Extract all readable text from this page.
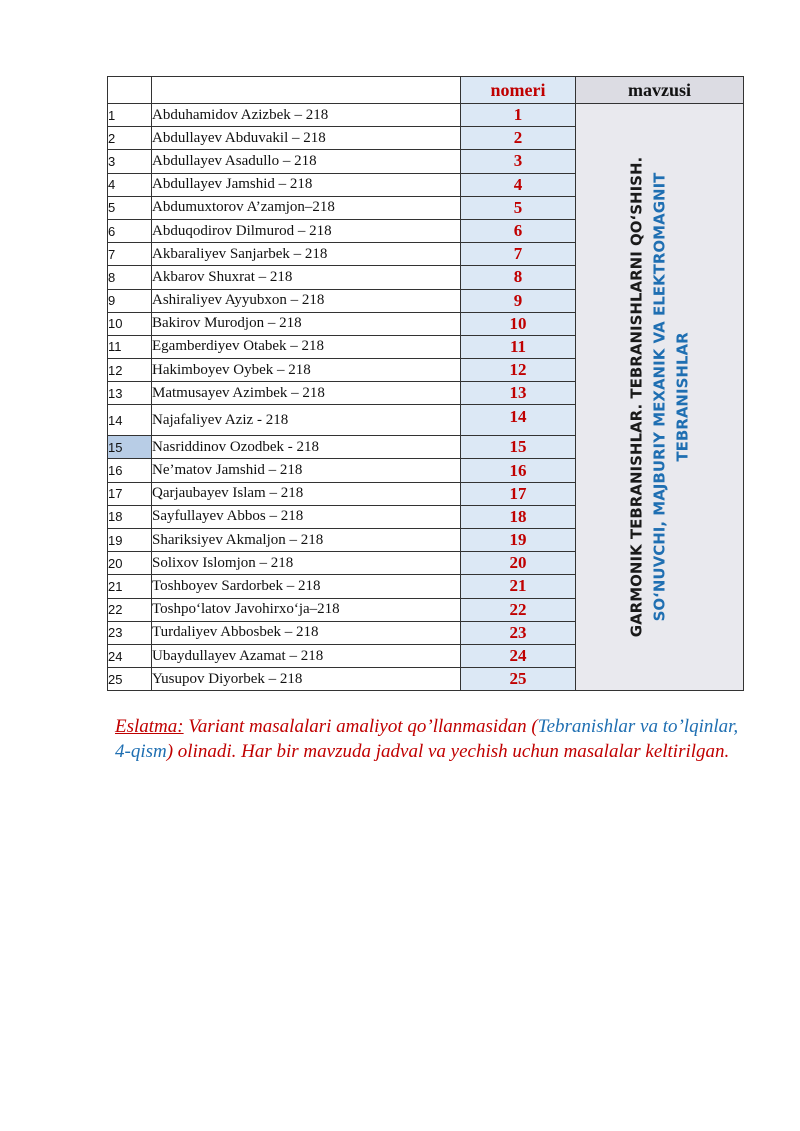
		nomeri	mavzusi
1	Abduhamidov Azizbek – 218	1	GARMONIK TEBRANISHLAR. TEBRANISHLARNI QO‘SHISH. SO‘NUVCHI, MAJBURIY MEXANIK VA ELEKTROMAGNIT TEBRANISHLAR

2	Abdullayev Abduvakil – 218	2	
3	Abdullayev Asadullo – 218	3	
4	Abdullayev Jamshid – 218	4	
5	Abdumuxtorov A’zamjon–218	5	
6	Abduqodirov Dilmurod – 218	6	
7	Akbaraliyev Sanjarbek – 218	7	
8	Akbarov Shuxrat – 218	8	
9	Ashiraliyev Ayyubxon – 218	9	
10	Bakirov Murodjon – 218	10	
11	Egamberdiyev Otabek – 218	11	
12	Hakimboyev Oybek – 218	12	
13	Matmusayev Azimbek – 218	13	
14	Najafaliyev Aziz - 218	14	
15	Nasriddinov Ozodbek - 218	15	
16	Ne’matov Jamshid – 218	16	
17	Qarjaubayev Islam – 218	17	
18	Sayfullayev Abbos – 218	18	
19	Shariksiyev Akmaljon – 218	19	
20	Solixov Islomjon – 218	20	
21	Toshboyev Sardorbek – 218	21	
22	Toshpo‘latov Javohirxo‘ja–218	22	
23	Turdaliyev Abbosbek – 218	23	
24	Ubaydullayev Azamat – 218	24	
25	Yusupov Diyorbek – 218	25	

Eslatma: Variant masalalari amaliyot qo’llanmasidan (Tebranishlar va to’lqinlar, 4-qism) olinadi. Har bir mavzuda jadval va yechish uchun masalalar keltirilgan.
